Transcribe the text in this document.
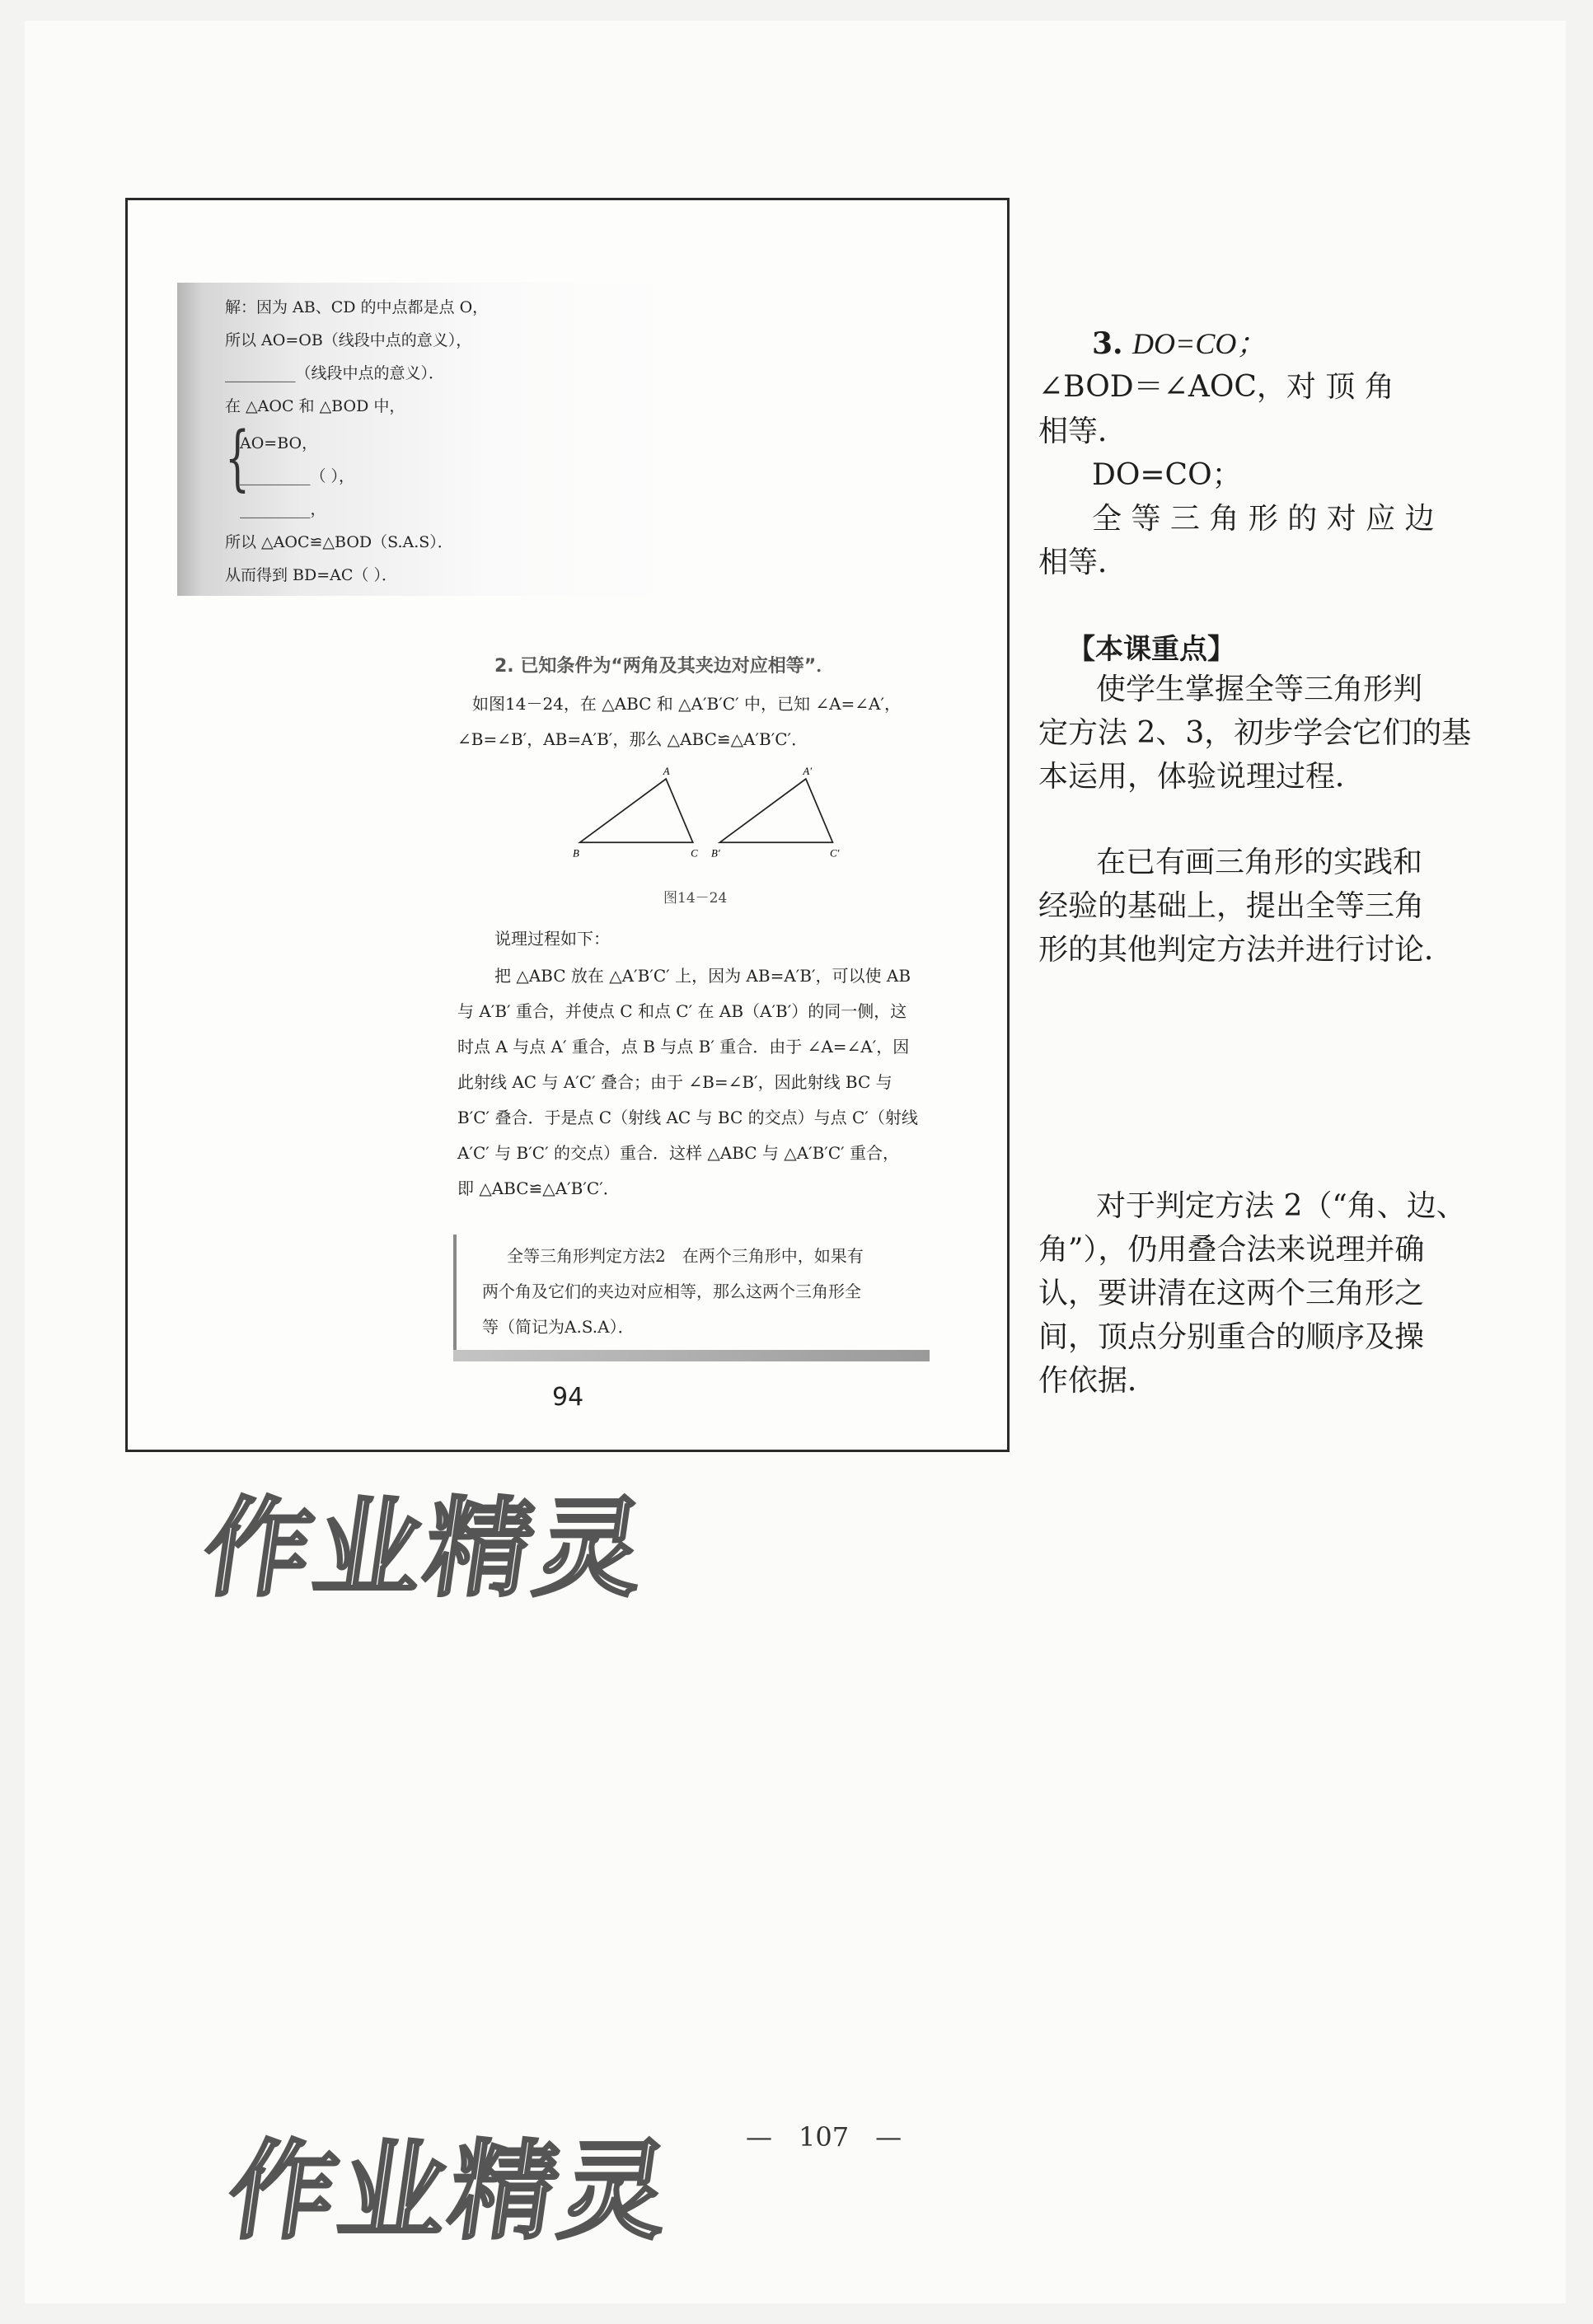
解：因为 AB、CD 的中点都是点 O，
所以 AO=OB（线段中点的意义），
_________（线段中点的意义）．
在 △AOC 和 △BOD 中，
{
AO=BO，
_________（ ），
_________，
所以 △AOC≌△BOD（S.A.S）．
从而得到 BD=AC（ ）．
2. 已知条件为“两角及其夹边对应相等”．
如图14－24，在 △ABC 和 △A′B′C′ 中，已知 ∠A=∠A′，
∠B=∠B′，AB=A′B′，那么 △ABC≌△A′B′C′．
A
B	C
A′
B′	C′
图14－24
说理过程如下：
把 △ABC 放在 △A′B′C′ 上，因为 AB=A′B′，可以使 AB
与 A′B′ 重合，并使点 C 和点 C′ 在 AB（A′B′）的同一侧，这
时点 A 与点 A′ 重合，点 B 与点 B′ 重合．由于 ∠A=∠A′，因
此射线 AC 与 A′C′ 叠合；由于 ∠B=∠B′，因此射线 BC 与
B′C′ 叠合．于是点 C（射线 AC 与 BC 的交点）与点 C′（射线
A′C′ 与 B′C′ 的交点）重合．这样 △ABC 与 △A′B′C′ 重合，
即 △ABC≌△A′B′C′．
全等三角形判定方法2　在两个三角形中，如果有
两个角及它们的夹边对应相等，那么这两个三角形全
等（简记为A.S.A）．
94
3. DO=CO；
∠BOD＝∠AOC，对 顶 角
相等．
DO=CO；
全 等 三 角 形 的 对 应 边
相等．
【本课重点】
使学生掌握全等三角形判
定方法 2、3，初步学会它们的基
本运用，体验说理过程．
在已有画三角形的实践和
经验的基础上，提出全等三角
形的其他判定方法并进行讨论．
对于判定方法 2（“角、边、
角”），仍用叠合法来说理并确
认，要讲清在这两个三角形之
间，顶点分别重合的顺序及操
作依据．
作业精灵
—　107　—
作业精灵
